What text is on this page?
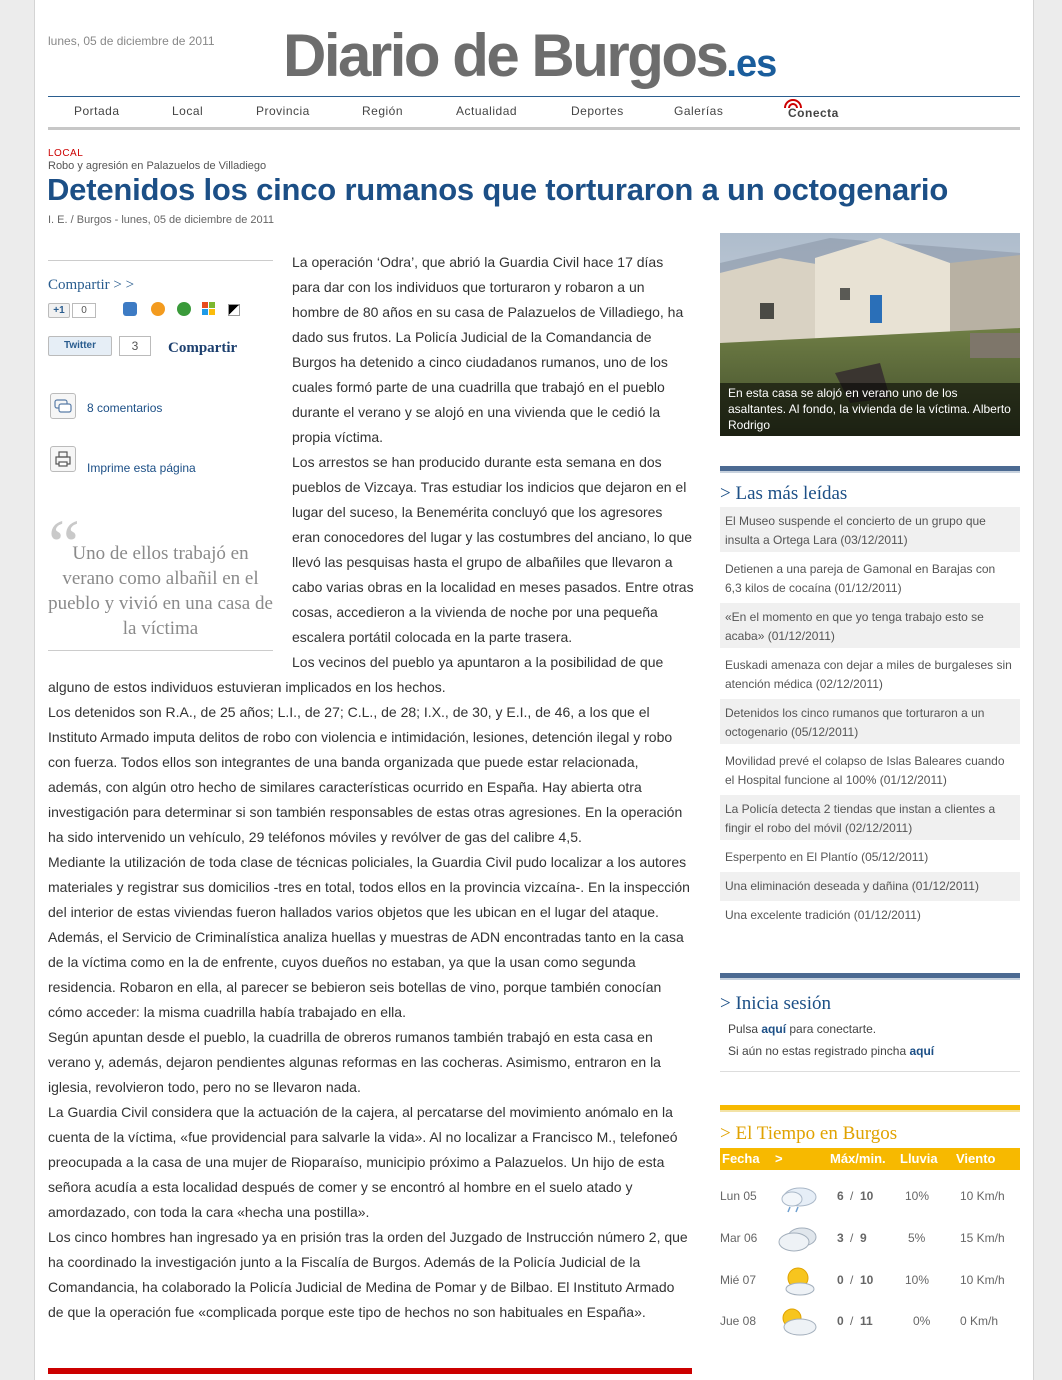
lunes, 05 de diciembre de 2011 Diario de Burgos.es
Portada	Local	Provincia	Región	Actualidad	Deportes	Galerías	Conecta
LOCAL
Robo y agresión en Palazuelos de Villadiego
Detenidos los cinco rumanos que torturaron a un octogenario
I. E. / Burgos - lunes, 05 de diciembre de 2011
Compartir > >
+1	0
Twitter	3	Compartir
8 comentarios
Imprime esta página
“
Uno de ellos trabajó en verano como albañil en el pueblo y vivió en una casa de la víctima
La operación ‘Odra’, que abrió la Guardia Civil hace 17 días para dar con los individuos que torturaron y robaron a un hombre de 80 años en su casa de Palazuelos de Villadiego, ha dado sus frutos. La Policía Judicial de la Comandancia de Burgos ha detenido a cinco ciudadanos rumanos, uno de los cuales formó parte de una cuadrilla que trabajó en el pueblo durante el verano y se alojó en una vivienda que le cedió la propia víctima.
Los arrestos se han producido durante esta semana en dos pueblos de Vizcaya. Tras estudiar los indicios que dejaron en el lugar del suceso, la Benemérita concluyó que los agresores eran conocedores del lugar y las costumbres del anciano, lo que llevó las pesquisas hasta el grupo de albañiles que llevaron a cabo varias obras en la localidad en meses pasados. Entre otras cosas, accedieron a la vivienda de noche por una pequeña escalera portátil colocada en la parte trasera.
Los vecinos del pueblo ya apuntaron a la posibilidad de que
alguno de estos individuos estuvieran implicados en los hechos.
Los detenidos son R.A., de 25 años; L.I., de 27; C.L., de 28; I.X., de 30, y E.I., de 46, a los que el Instituto Armado imputa delitos de robo con violencia e intimidación, lesiones, detención ilegal y robo con fuerza. Todos ellos son integrantes de una banda organizada que puede estar relacionada, además, con algún otro hecho de similares características ocurrido en España. Hay abierta otra investigación para determinar si son también responsables de estas otras agresiones. En la operación ha sido intervenido un vehículo, 29 teléfonos móviles y revólver de gas del calibre 4,5.
Mediante la utilización de toda clase de técnicas policiales, la Guardia Civil pudo localizar a los autores materiales y registrar sus domicilios -tres en total, todos ellos en la provincia vizcaína-. En la inspección del interior de estas viviendas fueron hallados varios objetos que les ubican en el lugar del ataque. Además, el Servicio de Criminalística analiza huellas y muestras de ADN encontradas tanto en la casa de la víctima como en la de enfrente, cuyos dueños no estaban, ya que la usan como segunda residencia. Robaron en ella, al parecer se bebieron seis botellas de vino, porque también conocían cómo acceder: la misma cuadrilla había trabajado en ella.
Según apuntan desde el pueblo, la cuadrilla de obreros rumanos también trabajó en esta casa en verano y, además, dejaron pendientes algunas reformas en las cocheras. Asimismo, entraron en la iglesia, revolvieron todo, pero no se llevaron nada.
La Guardia Civil considera que la actuación de la cajera, al percatarse del movimiento anómalo en la cuenta de la víctima, «fue providencial para salvarle la vida». Al no localizar a Francisco M., telefoneó preocupada a la casa de una mujer de Rioparaíso, municipio próximo a Palazuelos. Un hijo de esta señora acudía a esta localidad después de comer y se encontró al hombre en el suelo atado y amordazado, con toda la cara «hecha una postilla».
Los cinco hombres han ingresado ya en prisión tras la orden del Juzgado de Instrucción número 2, que ha coordinado la investigación junto a la Fiscalía de Burgos. Además de la Policía Judicial de la Comandancia, ha colaborado la Policía Judicial de Medina de Pomar y de Bilbao. El Instituto Armado de que la operación fue «complicada porque este tipo de hechos no son habituales en España».
En esta casa se alojó en verano uno de los asaltantes. Al fondo, la vivienda de la víctima. Alberto Rodrigo
> Las más leídas
El Museo suspende el concierto de un grupo que insulta a Ortega Lara (03/12/2011)
Detienen a una pareja de Gamonal en Barajas con 6,3 kilos de cocaína (01/12/2011)
«En el momento en que yo tenga trabajo esto se acaba» (01/12/2011)
Euskadi amenaza con dejar a miles de burgaleses sin atención médica (02/12/2011)
Detenidos los cinco rumanos que torturaron a un octogenario (05/12/2011)
Movilidad prevé el colapso de Islas Baleares cuando el Hospital funcione al 100% (01/12/2011)
La Policía detecta 2 tiendas que instan a clientes a fingir el robo del móvil (02/12/2011)
Esperpento en El Plantío (05/12/2011)
Una eliminación deseada y dañina (01/12/2011)
Una excelente tradición (01/12/2011)
> Inicia sesión
Pulsa aquí para conectarte.
Si aún no estas registrado pincha aquí
> El Tiempo en Burgos
Fecha >	Máx/min. Lluvia Viento
Lun 05	6 / 10	10%	10 Km/h
Mar 06	3 / 9	5%	15 Km/h
Mié 07	0 / 10	10%	10 Km/h
Jue 08	0 / 11	0% 0 Km/h
